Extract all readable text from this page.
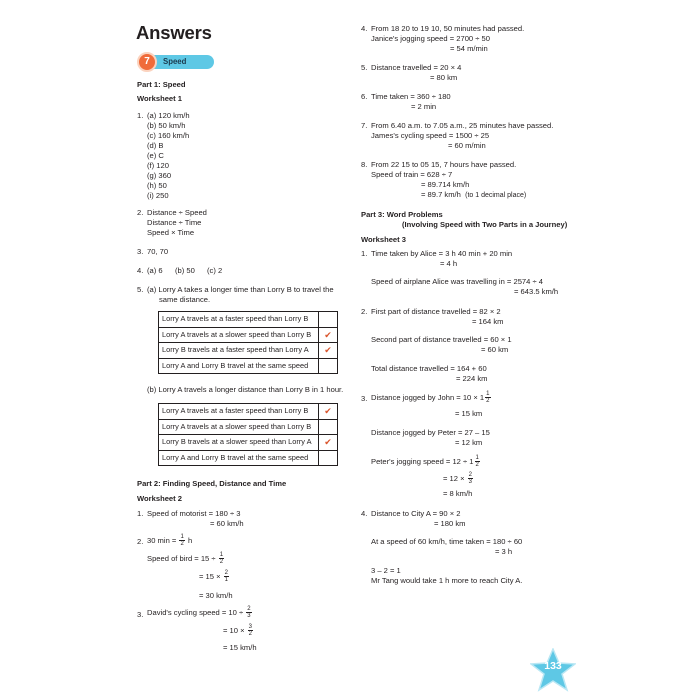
Answers
7	Speed
Part 1: Speed
Worksheet 1
1. (a) 120 km/h
(b) 50 km/h
(c) 160 km/h
(d) B
(e) C
(f) 120
(g) 360
(h) 50
(i) 250
2. Distance ÷ Speed
Distance ÷ Time
Speed × Time
3. 70, 70
4. (a) 6 (b) 50 (c) 2
5. (a) Lorry A takes a longer time than Lorry B to travel the
same distance.
Lorry A travels at a faster speed than Lorry B	
Lorry A travels at a slower speed than Lorry B	✔
Lorry B travels at a faster speed than Lorry A	✔
Lorry A and Lorry B travel at the same speed	
(b) Lorry A travels a longer distance than Lorry B in 1 hour.
Lorry A travels at a faster speed than Lorry B	✔
Lorry A travels at a slower speed than Lorry B	
Lorry B travels at a slower speed than Lorry A	✔
Lorry A and Lorry B travel at the same speed	
Part 2: Finding Speed, Distance and Time
Worksheet 2
1. Speed of motorist = 180 ÷ 3
= 60 km/h
2. 30 $\min = \frac{1}{2}$ h
Speed of bird = $15 \div \frac{1}{2}$
= $15 \times \frac{2}{1}$
= 30 km/h
3. David's cycling speed = $10 \div \frac{2}{3}$
= $10 \times \frac{3}{2}$
= 15 km/h
4. From 18 20 to 19 10, 50 minutes had passed.
Janice's jogging speed = 2700 ÷ 50
= 54 m/min
5. Distance travelled = 20 × 4
= 80 km
6. Time taken = 360 ÷ 180
= 2 min
7. From 6.40 a.m. to 7.05 a.m., 25 minutes have passed.
James's cycling speed = 1500 ÷ 25
= 60 m/min
8. From 22 15 to 05 15, 7 hours have passed.
Speed of train = 628 ÷ 7
= 89.714 km/h
= 89.7 km/h (to 1 decimal place)
Part 3: Word Problems
(Involving Speed with Two Parts in a Journey)
Worksheet 3
1. Time taken by Alice = 3 h 40 min + 20 min
= 4 h
Speed of airplane Alice was travelling in = 2574 ÷ 4
= 643.5 km/h
2. First part of distance travelled = 82 × 2
= 164 km
Second part of distance travelled = 60 × 1
= 60 km
Total distance travelled = 164 + 60
= 224 km
3. Distance jogged by John = $10 \times 1 \frac{1}{2}$
= 15 km
Distance jogged by Peter = 27 – 15
= 12 km
Peter's jogging speed = $12 \div 1 \frac{1}{2}$
= $12 \times \frac{2}{3}$
= 8 km/h
4. Distance to City A = 90 × 2
= 180 km
At a speed of 60 km/h, time taken = 180 ÷ 60
= 3 h
3 – 2 = 1
Mr Tang would take 1 h more to reach City A.
133
